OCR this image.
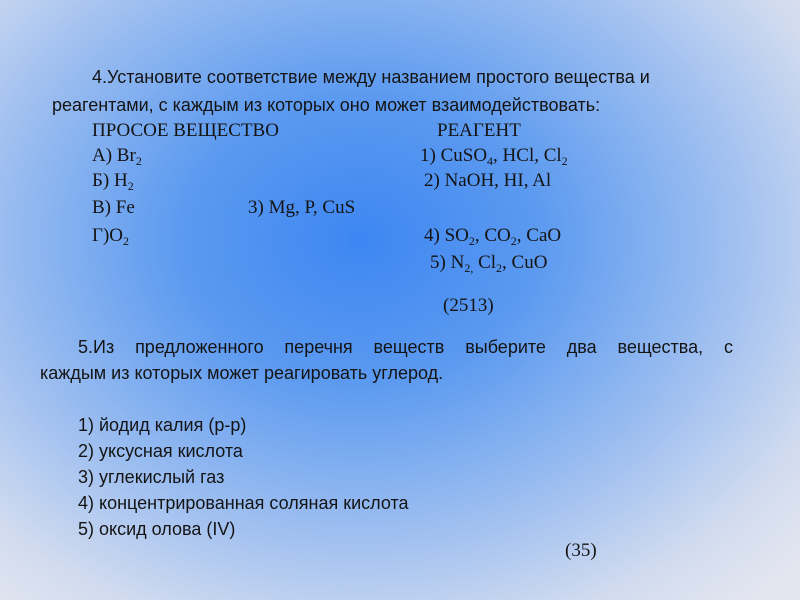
4.Установите соответствие между названием простого вещества и
реагентами, с каждым из которых оно может взаимодействовать:
ПРОСОЕ ВЕЩЕСТВО	РЕАГЕНТ
А) $Br_2$
Б) $H_2$
В) Fe
$Г)O_2$
1) CuSO$_4$, HCl, $Cl_2$
2) NaOH, HI, Al
3) Mg, P, CuS
4) $SO_2$, $CO_2$, CaO
5) $N_{2,}$ $Cl_2$, CuO
(2513)
5.Из предложенного перечня веществ выберите два вещества, с
каждым из которых может реагировать углерод.
1) йодид калия (р-р)
2) уксусная кислота
3) углекислый газ
4) концентрированная соляная кислота
5) оксид олова (IV)
(35)
